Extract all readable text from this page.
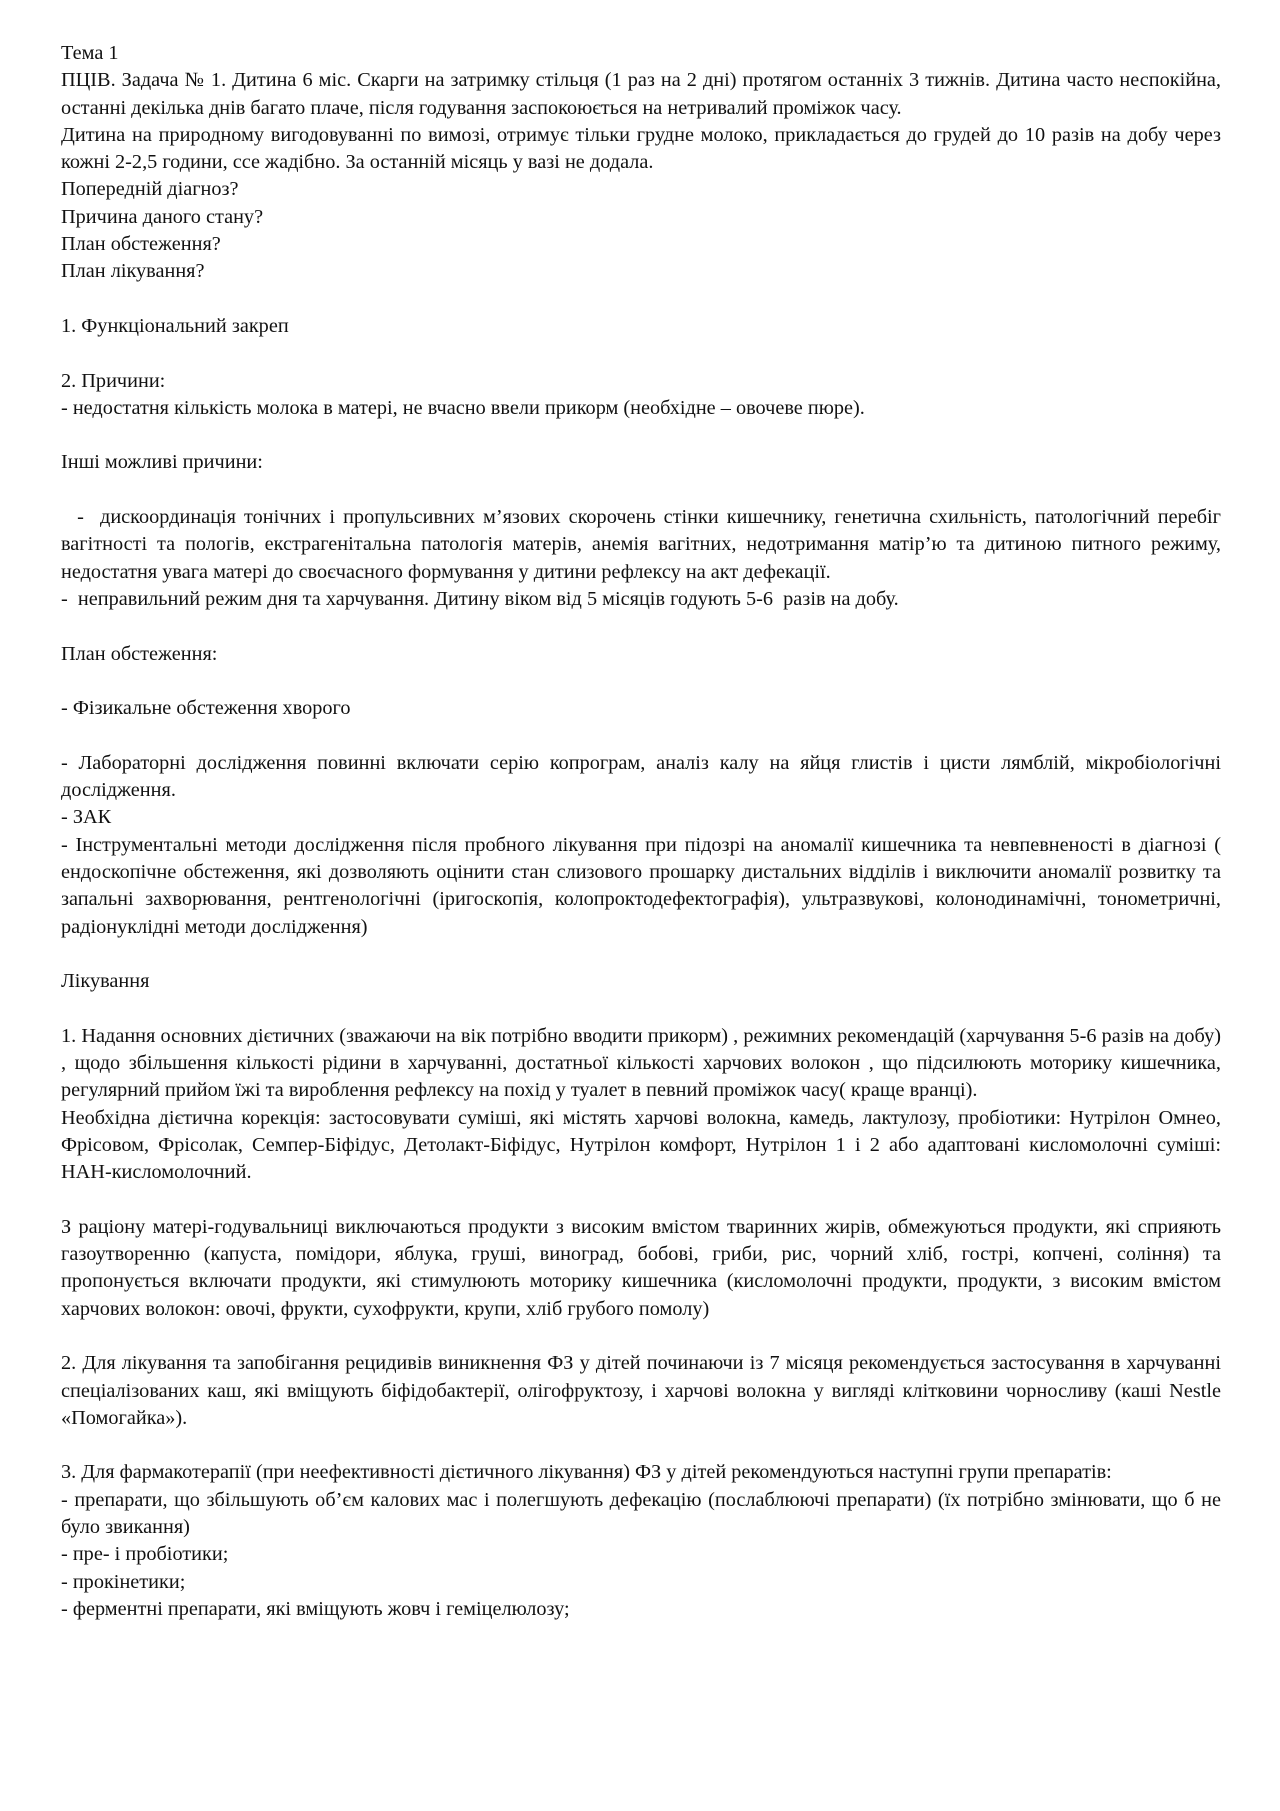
Тема 1
ПЦІВ. Задача № 1. Дитина 6 міс. Скарги на затримку стільця (1 раз на 2 дні) протягом останніх 3 тижнів. Дитина часто неспокійна, останні декілька днів багато плаче, після годування заспокоюється на нетривалий проміжок часу.
Дитина на природному вигодовуванні по вимозі, отримує тільки грудне молоко, прикладається до грудей до 10 разів на добу через кожні 2-2,5 години, ссе жадібно. За останній місяць у вазі не додала.
Попередній діагноз?
Причина даного стану?
План обстеження?
План лікування?
1. Функціональний закреп
2. Причини:
- недостатня кількість молока в матері, не вчасно ввели прикорм (необхідне – овочеве пюре).
Інші можливі причини:
-  дискоординація тонічних і пропульсивних м’язових скорочень стінки кишечнику, генетична схильність, патологічний перебіг вагітності та пологів, екстрагенітальна патологія матерів, анемія вагітних, недотримання матір’ю та дитиною питного режиму, недостатня увага матері до своєчасного формування у дитини рефлексу на акт дефекації.
-  неправильний режим дня та харчування. Дитину віком від 5 місяців годують 5-6  разів на добу.
План обстеження:
- Фізикальне обстеження хворого
- Лабораторні дослідження повинні включати серію копрограм, аналіз калу на яйця глистів і цисти лямблій, мікробіологічні дослідження.
- ЗАК
- Інструментальні методи дослідження після пробного лікування при підозрі на аномалії кишечника та невпевненості в діагнозі ( ендоскопічне обстеження, які дозволяють оцінити стан слизового прошарку дистальних відділів і виключити аномалії розвитку та запальні захворювання, рентгенологічні (іригоскопія, колопроктодефектографія), ультразвукові, колонодинамічні, тонометричні, радіонуклідні методи дослідження)
Лікування
1. Надання основних дієтичних (зважаючи на вік потрібно вводити прикорм) , режимних рекомендацій (харчування 5-6 разів на добу) , щодо збільшення кількості рідини в харчуванні, достатньої кількості харчових волокон , що підсилюють моторику кишечника, регулярний прийом їжі та вироблення рефлексу на похід у туалет в певний проміжок часу( краще вранці).
Необхідна дієтична корекція: застосовувати суміші, які містять харчові волокна, камедь, лактулозу, пробіотики: Нутрілон Омнео, Фрісовом, Фрісолак, Семпер-Біфідус, Детолакт-Біфідус, Нутрілон комфорт, Нутрілон 1 і 2 або адаптовані кисломолочні суміші: НАН-кисломолочний.
З раціону матері-годувальниці виключаються продукти з високим вмістом тваринних жирів, обмежуються продукти, які сприяють газоутворенню (капуста, помідори, яблука, груші, виноград, бобові, гриби, рис, чорний хліб, гострі, копчені, соління) та пропонується включати продукти, які стимулюють моторику кишечника (кисломолочні продукти, продукти, з високим вмістом харчових волокон: овочі, фрукти, сухофрукти, крупи, хліб грубого помолу)
2. Для лікування та запобігання рецидивів виникнення ФЗ у дітей починаючи із 7 місяця рекомендується застосування в харчуванні спеціалізованих каш, які вміщують біфідобактерії, олігофруктозу, і харчові волокна у вигляді клітковини чорносливу (каші Nestle «Помогайка»).
3. Для фармакотерапії (при неефективності дієтичного лікування) ФЗ у дітей рекомендуються наступні групи препаратів:
- препарати, що збільшують об’єм калових мас і полегшують дефекацію (послаблюючі препарати) (їх потрібно змінювати, що б не було звикання)
- пре- і пробіотики;
- прокінетики;
- ферментні препарати, які вміщують жовч і геміцелюлозу;
